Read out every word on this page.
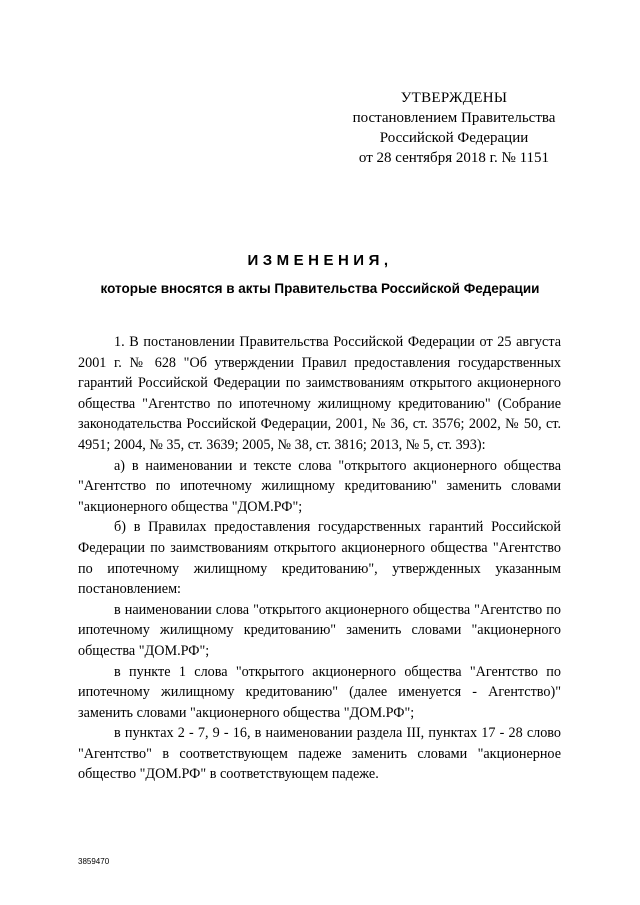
УТВЕРЖДЕНЫ
постановлением Правительства
Российской Федерации
от 28 сентября 2018 г. № 1151
ИЗМЕНЕНИЯ,
которые вносятся в акты Правительства Российской Федерации

1. В постановлении Правительства Российской Федерации от 25 августа 2001 г. № 628 "Об утверждении Правил предоставления государственных гарантий Российской Федерации по заимствованиям открытого акционерного общества "Агентство по ипотечному жилищному кредитованию" (Собрание законодательства Российской Федерации, 2001, № 36, ст. 3576; 2002, № 50, ст. 4951; 2004, № 35, ст. 3639; 2005, № 38, ст. 3816; 2013, № 5, ст. 393):

а) в наименовании и тексте слова "открытого акционерного общества "Агентство по ипотечному жилищному кредитованию" заменить словами "акционерного общества "ДОМ.РФ";

б) в Правилах предоставления государственных гарантий Российской Федерации по заимствованиям открытого акционерного общества "Агентство по ипотечному жилищному кредитованию", утвержденных указанным постановлением:

в наименовании слова "открытого акционерного общества "Агентство по ипотечному жилищному кредитованию" заменить словами "акционерного общества "ДОМ.РФ";

в пункте 1 слова "открытого акционерного общества "Агентство по ипотечному жилищному кредитованию" (далее именуется - Агентство)" заменить словами "акционерного общества "ДОМ.РФ";

в пунктах 2 - 7, 9 - 16, в наименовании раздела III, пунктах 17 - 28 слово "Агентство" в соответствующем падеже заменить словами "акционерное общество "ДОМ.РФ" в соответствующем падеже.

3859470
